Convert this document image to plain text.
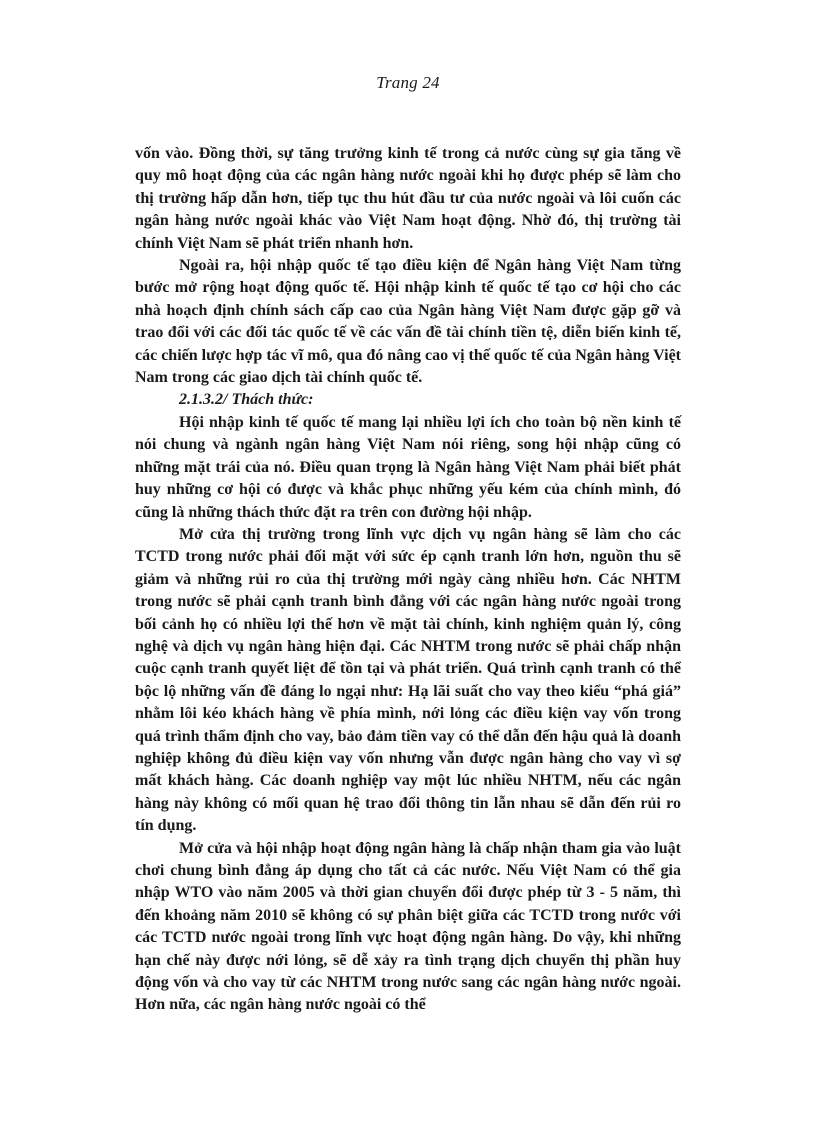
Trang 24

vốn vào. Đồng thời, sự tăng trưởng kinh tế trong cả nước cùng sự gia tăng về quy mô hoạt động của các ngân hàng nước ngoài khi họ được phép sẽ làm cho thị trường hấp dẫn hơn, tiếp tục thu hút đầu tư của nước ngoài và lôi cuốn các ngân hàng nước ngoài khác vào Việt Nam hoạt động. Nhờ đó, thị trường tài chính Việt Nam sẽ phát triển nhanh hơn.

Ngoài ra, hội nhập quốc tế tạo điều kiện để Ngân hàng Việt Nam từng bước mở rộng hoạt động quốc tế. Hội nhập kinh tế quốc tế tạo cơ hội cho các nhà hoạch định chính sách cấp cao của Ngân hàng Việt Nam được gặp gỡ và trao đổi với các đối tác quốc tế về các vấn đề tài chính tiền tệ, diễn biến kinh tế, các chiến lược hợp tác vĩ mô, qua đó nâng cao vị thế quốc tế của Ngân hàng Việt Nam trong các giao dịch tài chính quốc tế.

2.1.3.2/ Thách thức:

Hội nhập kinh tế quốc tế mang lại nhiều lợi ích cho toàn bộ nền kinh tế nói chung và ngành ngân hàng Việt Nam nói riêng, song hội nhập cũng có những mặt trái của nó. Điều quan trọng là Ngân hàng Việt Nam phải biết phát huy những cơ hội có được và khắc phục những yếu kém của chính mình, đó cũng là những thách thức đặt ra trên con đường hội nhập.

Mở cửa thị trường trong lĩnh vực dịch vụ ngân hàng sẽ làm cho các TCTD trong nước phải đối mặt với sức ép cạnh tranh lớn hơn, nguồn thu sẽ giảm và những rủi ro của thị trường mới ngày càng nhiều hơn. Các NHTM trong nước sẽ phải cạnh tranh bình đẳng với các ngân hàng nước ngoài trong bối cảnh họ có nhiều lợi thế hơn về mặt tài chính, kinh nghiệm quản lý, công nghệ và dịch vụ ngân hàng hiện đại. Các NHTM trong nước sẽ phải chấp nhận cuộc cạnh tranh quyết liệt để tồn tại và phát triển. Quá trình cạnh tranh có thể bộc lộ những vấn đề đáng lo ngại như: Hạ lãi suất cho vay theo kiểu “phá giá” nhằm lôi kéo khách hàng về phía mình, nới lỏng các điều kiện vay vốn trong quá trình thẩm định cho vay, bảo đảm tiền vay có thể dẫn đến hậu quả là doanh nghiệp không đủ điều kiện vay vốn nhưng vẫn được ngân hàng cho vay vì sợ mất khách hàng. Các doanh nghiệp vay một lúc nhiều NHTM, nếu các ngân hàng này không có mối quan hệ trao đổi thông tin lẫn nhau sẽ dẫn đến rủi ro tín dụng.

Mở cửa và hội nhập hoạt động ngân hàng là chấp nhận tham gia vào luật chơi chung bình đẳng áp dụng cho tất cả các nước. Nếu Việt Nam có thể gia nhập WTO vào năm 2005 và thời gian chuyển đổi được phép từ 3 - 5 năm, thì đến khoảng năm 2010 sẽ không có sự phân biệt giữa các TCTD trong nước với các TCTD nước ngoài trong lĩnh vực hoạt động ngân hàng. Do vậy, khi những hạn chế này được nới lỏng, sẽ dễ xảy ra tình trạng dịch chuyển thị phần huy động vốn và cho vay từ các NHTM trong nước sang các ngân hàng nước ngoài. Hơn nữa, các ngân hàng nước ngoài có thể
